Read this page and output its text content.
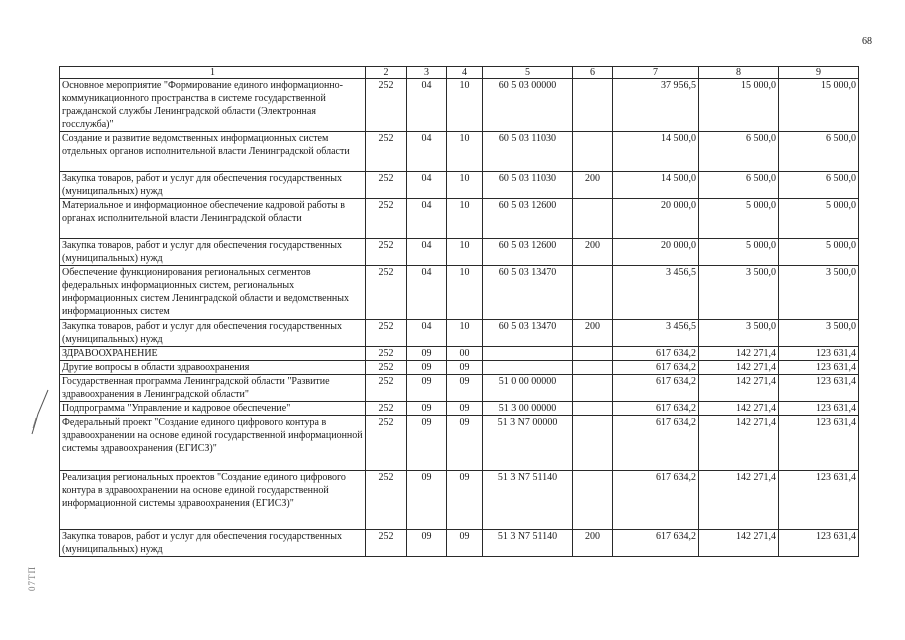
68
07ТП
1	2	3	4	5	6	7	8	9
Основное мероприятие "Формирование единого информационно-коммуникационного пространства в системе государственной гражданской службы Ленинградской области (Электронная госслужба)"	252	04	10	60 5 03 00000		37 956,5	15 000,0	15 000,0
Создание и развитие ведомственных информационных систем отдельных органов исполнительной власти Ленинградской области	252	04	10	60 5 03 11030		14 500,0	6 500,0	6 500,0
Закупка товаров, работ и услуг для обеспечения государственных (муниципальных) нужд	252	04	10	60 5 03 11030	200	14 500,0	6 500,0	6 500,0
Материальное и информационное обеспечение кадровой работы в органах исполнительной власти Ленинградской области	252	04	10	60 5 03 12600		20 000,0	5 000,0	5 000,0
Закупка товаров, работ и услуг для обеспечения государственных (муниципальных) нужд	252	04	10	60 5 03 12600	200	20 000,0	5 000,0	5 000,0
Обеспечение функционирования региональных сегментов федеральных информационных систем, региональных информационных систем Ленинградской области и ведомственных информационных систем	252	04	10	60 5 03 13470		3 456,5	3 500,0	3 500,0
Закупка товаров, работ и услуг для обеспечения государственных (муниципальных) нужд	252	04	10	60 5 03 13470	200	3 456,5	3 500,0	3 500,0
ЗДРАВООХРАНЕНИЕ	252	09	00			617 634,2	142 271,4	123 631,4
Другие вопросы в области здравоохранения	252	09	09			617 634,2	142 271,4	123 631,4
Государственная программа Ленинградской области "Развитие здравоохранения в Ленинградской области"	252	09	09	51 0 00 00000		617 634,2	142 271,4	123 631,4
Подпрограмма "Управление и кадровое обеспечение"	252	09	09	51 3 00 00000		617 634,2	142 271,4	123 631,4
Федеральный проект "Создание единого цифрового контура в здравоохранении на основе единой государственной информационной системы здравоохранения (ЕГИСЗ)"	252	09	09	51 3 N7 00000		617 634,2	142 271,4	123 631,4
Реализация региональных проектов "Создание единого цифрового контура в здравоохранении на основе единой государственной информационной системы здравоохранения (ЕГИСЗ)"	252	09	09	51 3 N7 51140		617 634,2	142 271,4	123 631,4
Закупка товаров, работ и услуг для обеспечения государственных (муниципальных) нужд	252	09	09	51 3 N7 51140	200	617 634,2	142 271,4	123 631,4
